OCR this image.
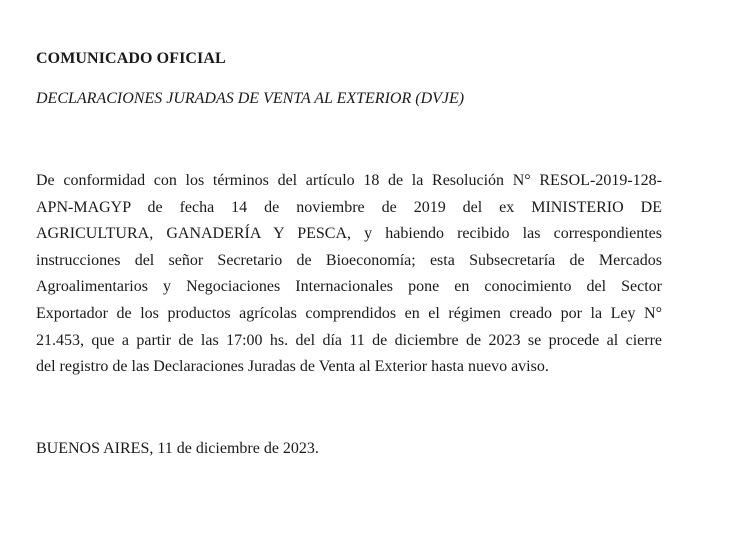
COMUNICADO OFICIAL

DECLARACIONES JURADAS DE VENTA AL EXTERIOR (DVJE)

De conformidad con los términos del artículo 18 de la Resolución N° RESOL-2019-128-
APN-MAGYP de fecha 14 de noviembre de 2019 del ex MINISTERIO DE
AGRICULTURA, GANADERÍA Y PESCA, y habiendo recibido las correspondientes
instrucciones del señor Secretario de Bioeconomía; esta Subsecretaría de Mercados
Agroalimentarios y Negociaciones Internacionales pone en conocimiento del Sector
Exportador de los productos agrícolas comprendidos en el régimen creado por la Ley N°
21.453, que a partir de las 17:00 hs. del día 11 de diciembre de 2023 se procede al cierre
del registro de las Declaraciones Juradas de Venta al Exterior hasta nuevo aviso.

BUENOS AIRES, 11 de diciembre de 2023.
